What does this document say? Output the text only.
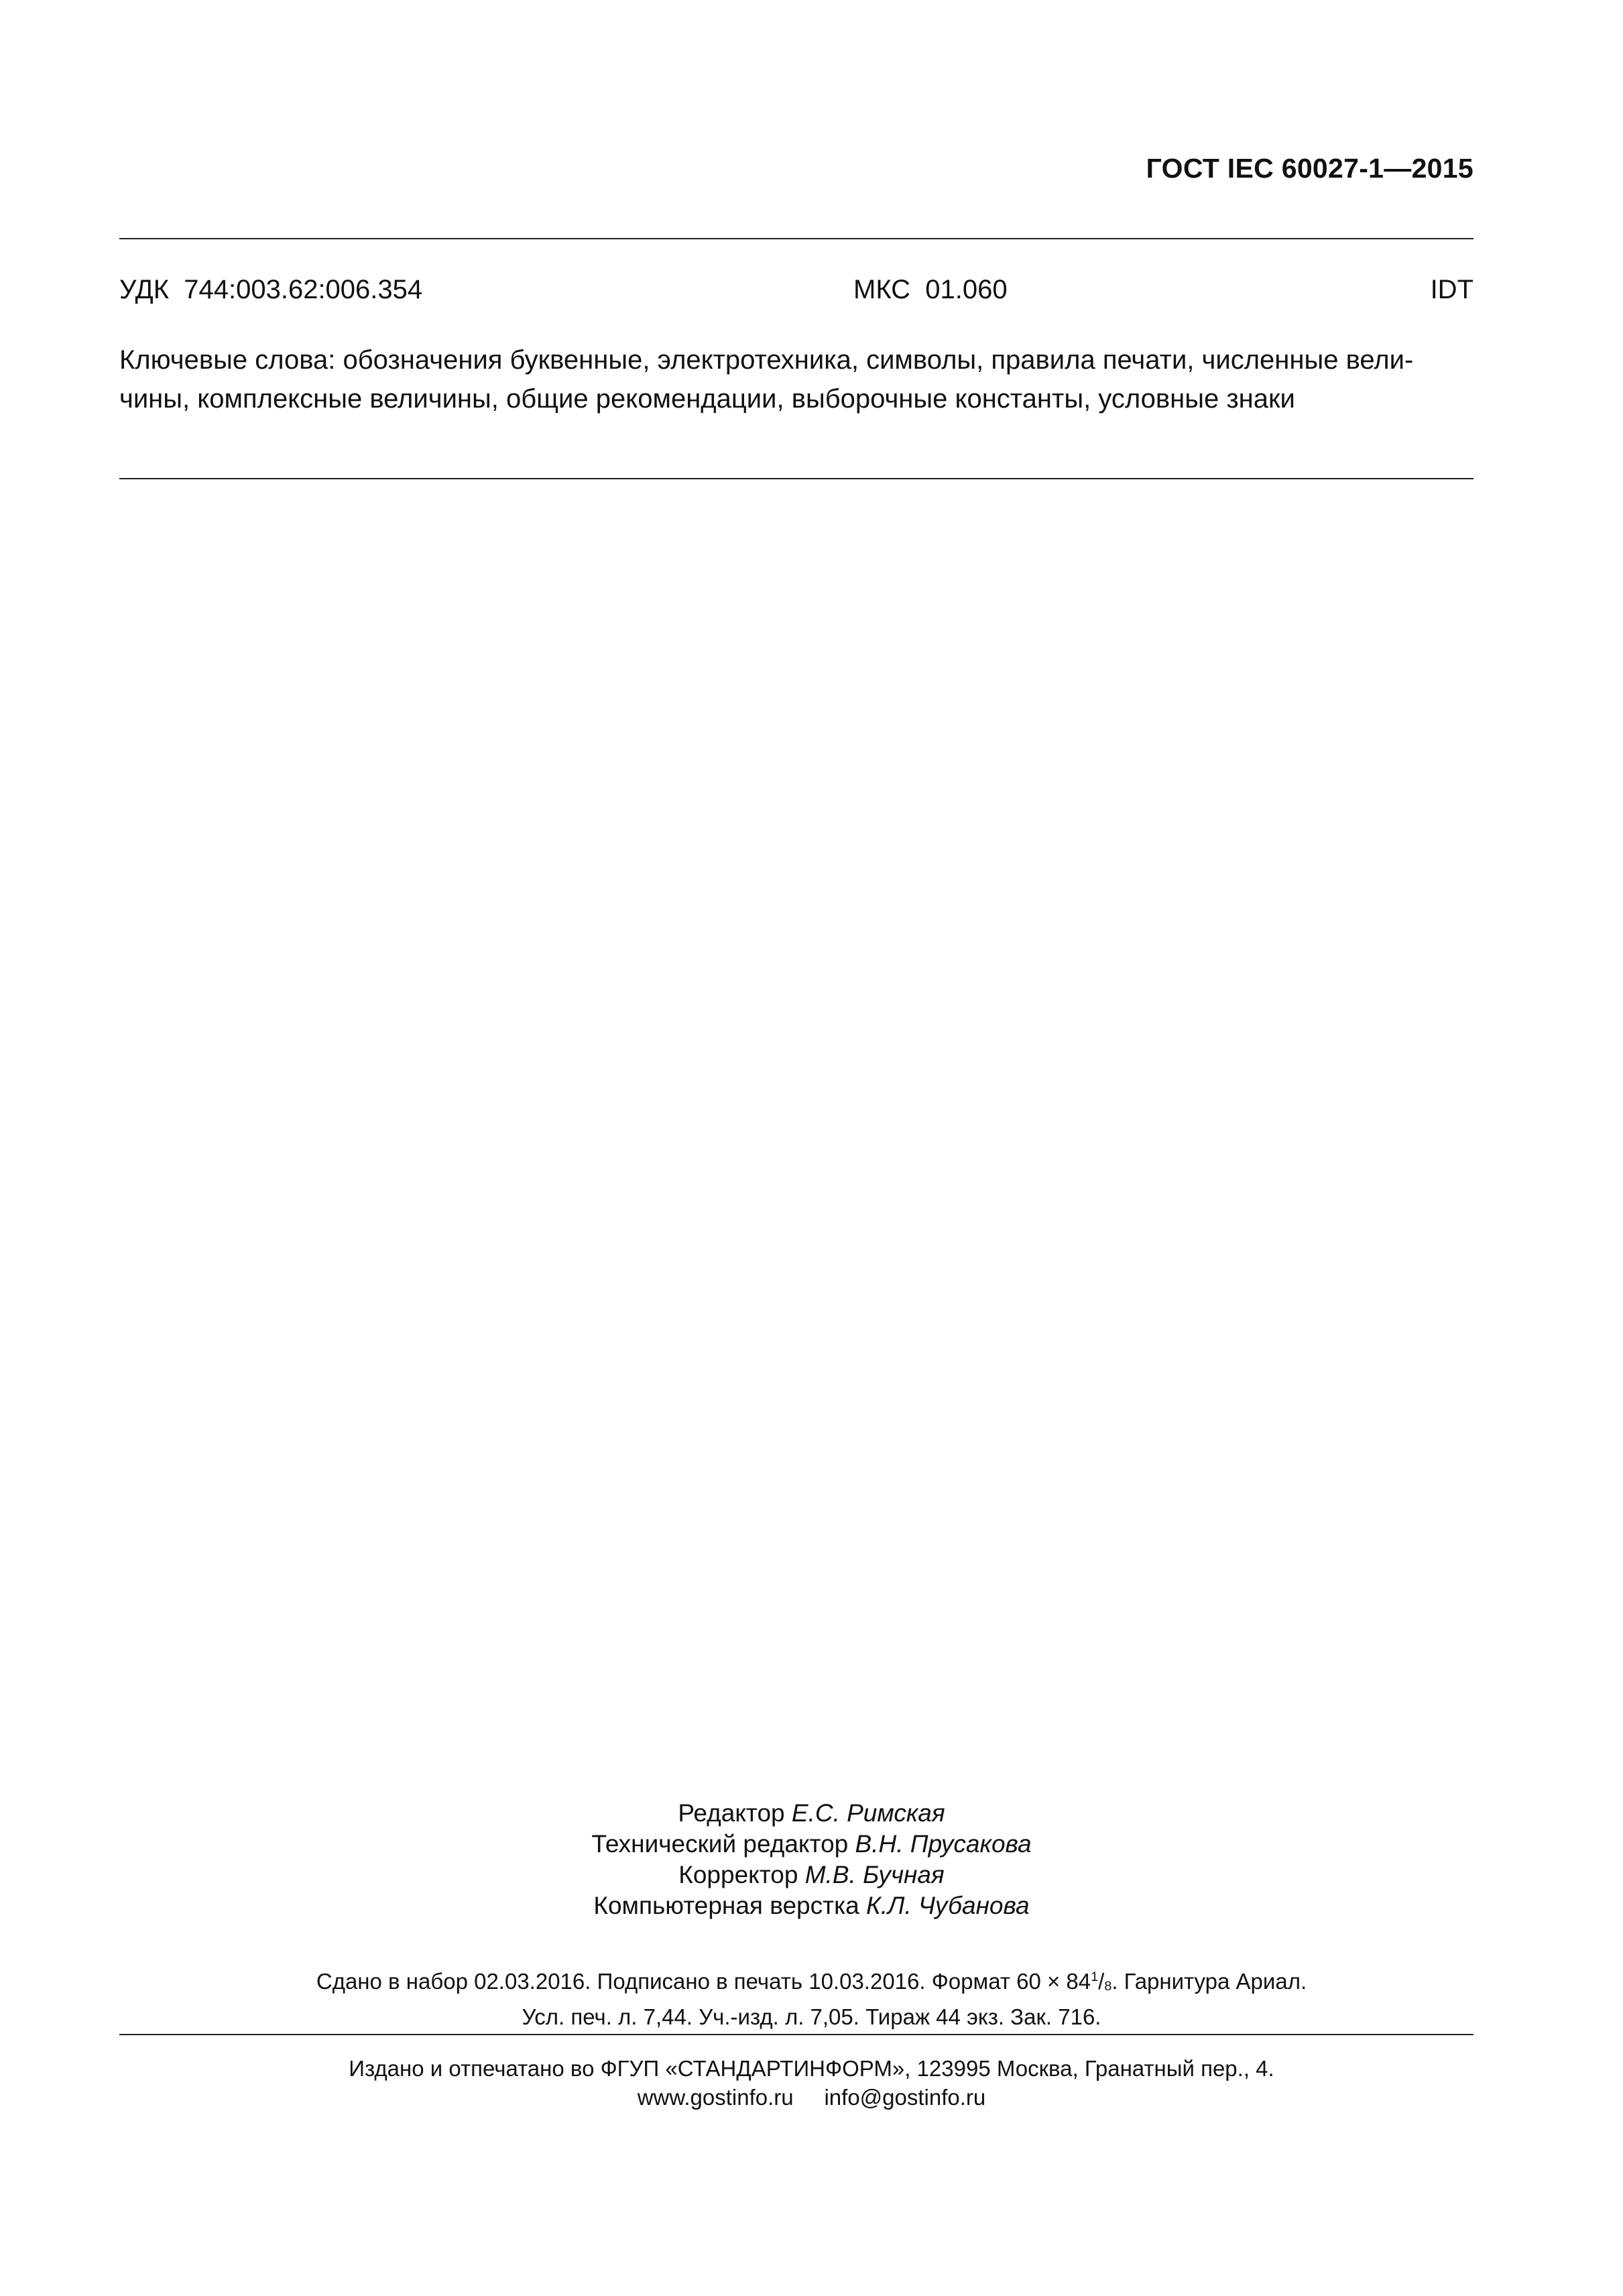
ГОСТ IEC 60027-1—2015
УДК 744:003.62:006.354	МКС 01.060	IDT
Ключевые слова: обозначения буквенные, электротехника, символы, правила печати, численные вели-
чины, комплексные величины, общие рекомендации, выборочные константы, условные знаки
Редактор Е.С. Римская
Технический редактор В.Н. Прусакова
Корректор М.В. Бучная
Компьютерная верстка К.Л. Чубанова
Сдано в набор 02.03.2016. Подписано в печать 10.03.2016. Формат $60 \times 84^1/_8$. Гарнитура Ариал.
Усл. печ. л. 7,44. Уч.-изд. л. 7,05. Тираж 44 экз. Зак. 716.
Издано и отпечатано во ФГУП «СТАНДАРТИНФОРМ», 123995 Москва, Гранатный пер., 4.
www.gostinfo.ru     info@gostinfo.ru
